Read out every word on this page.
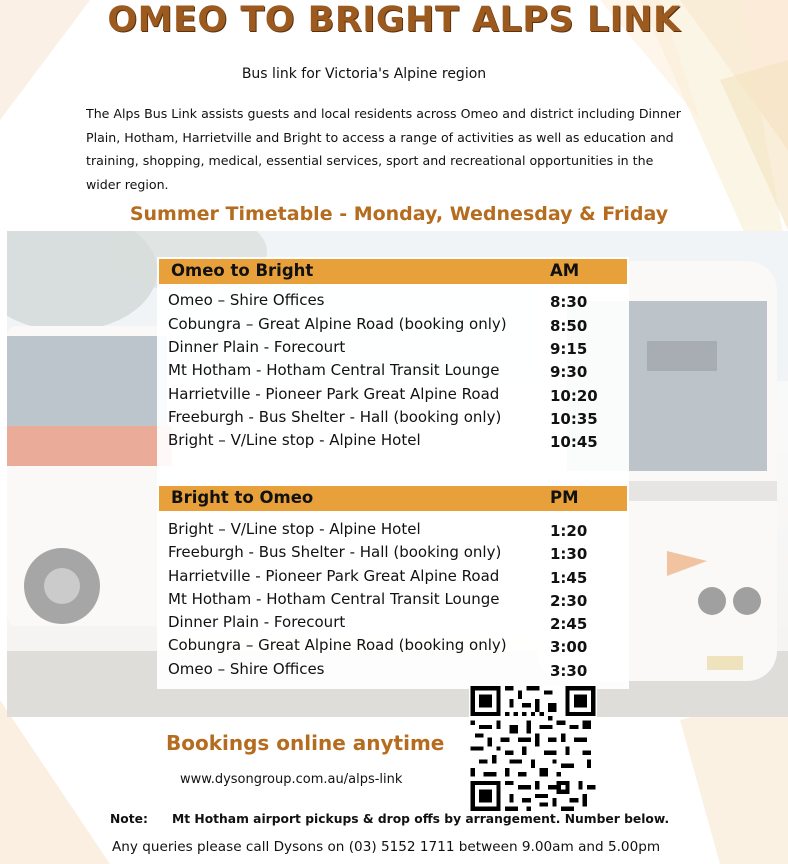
OMEO TO BRIGHT ALPS LINK
Bus link for Victoria's Alpine region
The Alps Bus Link assists guests and local residents across Omeo and district including Dinner
Plain, Hotham, Harrietville and Bright to access a range of activities as well as education and
training, shopping, medical, essential services, sport and recreational opportunities in the
wider region.
Summer Timetable - Monday, Wednesday & Friday
Omeo to Bright	AM
Omeo – Shire Offices	8:30
Cobungra – Great Alpine Road (booking only)	8:50
Dinner Plain - Forecourt	9:15
Mt Hotham - Hotham Central Transit Lounge	9:30
Harrietville - Pioneer Park Great Alpine Road	10:20
Freeburgh - Bus Shelter - Hall (booking only)	10:35
Bright – V/Line stop - Alpine Hotel	10:45
Bright to Omeo	PM
Bright – V/Line stop - Alpine Hotel	1:20
Freeburgh - Bus Shelter - Hall (booking only)	1:30
Harrietville - Pioneer Park Great Alpine Road	1:45
Mt Hotham - Hotham Central Transit Lounge	2:30
Dinner Plain - Forecourt	2:45
Cobungra – Great Alpine Road (booking only)	3:00
Omeo – Shire Offices	3:30
Bookings online anytime
www.dysongroup.com.au/alps-link
Note: Mt Hotham airport pickups & drop offs by arrangement. Number below.
Any queries please call Dysons on (03) 5152 1711 between 9.00am and 5.00pm
